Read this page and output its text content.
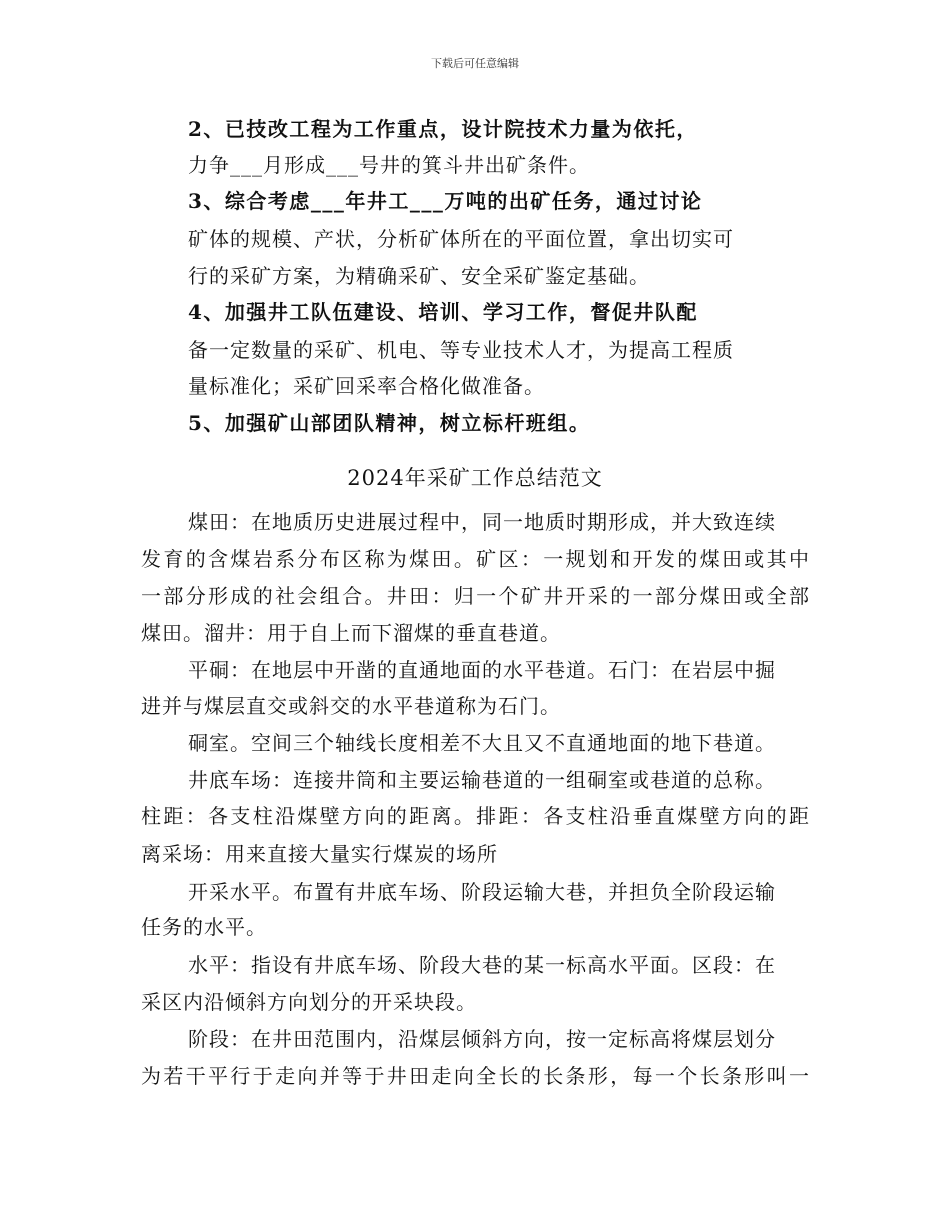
下载后可任意编辑
2、已技改工程为工作重点，设计院技术力量为依托，
力争___月形成___号井的箕斗井出矿条件。
3、综合考虑___年井工___万吨的出矿任务，通过讨论
矿体的规模、产状，分析矿体所在的平面位置，拿出切实可
行的采矿方案，为精确采矿、安全采矿鉴定基础。
4、加强井工队伍建设、培训、学习工作，督促井队配
备一定数量的采矿、机电、等专业技术人才，为提高工程质
量标准化；采矿回采率合格化做准备。
5、加强矿山部团队精神，树立标杆班组。
2024年采矿工作总结范文
煤田：在地质历史进展过程中，同一地质时期形成，并大致连续
发育的含煤岩系分布区称为煤田。矿区：一规划和开发的煤田或其中
一部分形成的社会组合。井田：归一个矿井开采的一部分煤田或全部
煤田。溜井：用于自上而下溜煤的垂直巷道。
平硐：在地层中开凿的直通地面的水平巷道。石门：在岩层中掘
进并与煤层直交或斜交的水平巷道称为石门。
硐室。空间三个轴线长度相差不大且又不直通地面的地下巷道。
井底车场：连接井筒和主要运输巷道的一组硐室或巷道的总称。
柱距：各支柱沿煤壁方向的距离。排距：各支柱沿垂直煤壁方向的距
离采场：用来直接大量实行煤炭的场所
开采水平。布置有井底车场、阶段运输大巷，并担负全阶段运输
任务的水平。
水平：指设有井底车场、阶段大巷的某一标高水平面。区段：在
采区内沿倾斜方向划分的开采块段。
阶段：在井田范围内，沿煤层倾斜方向，按一定标高将煤层划分
为若干平行于走向并等于井田走向全长的长条形，每一个长条形叫一
